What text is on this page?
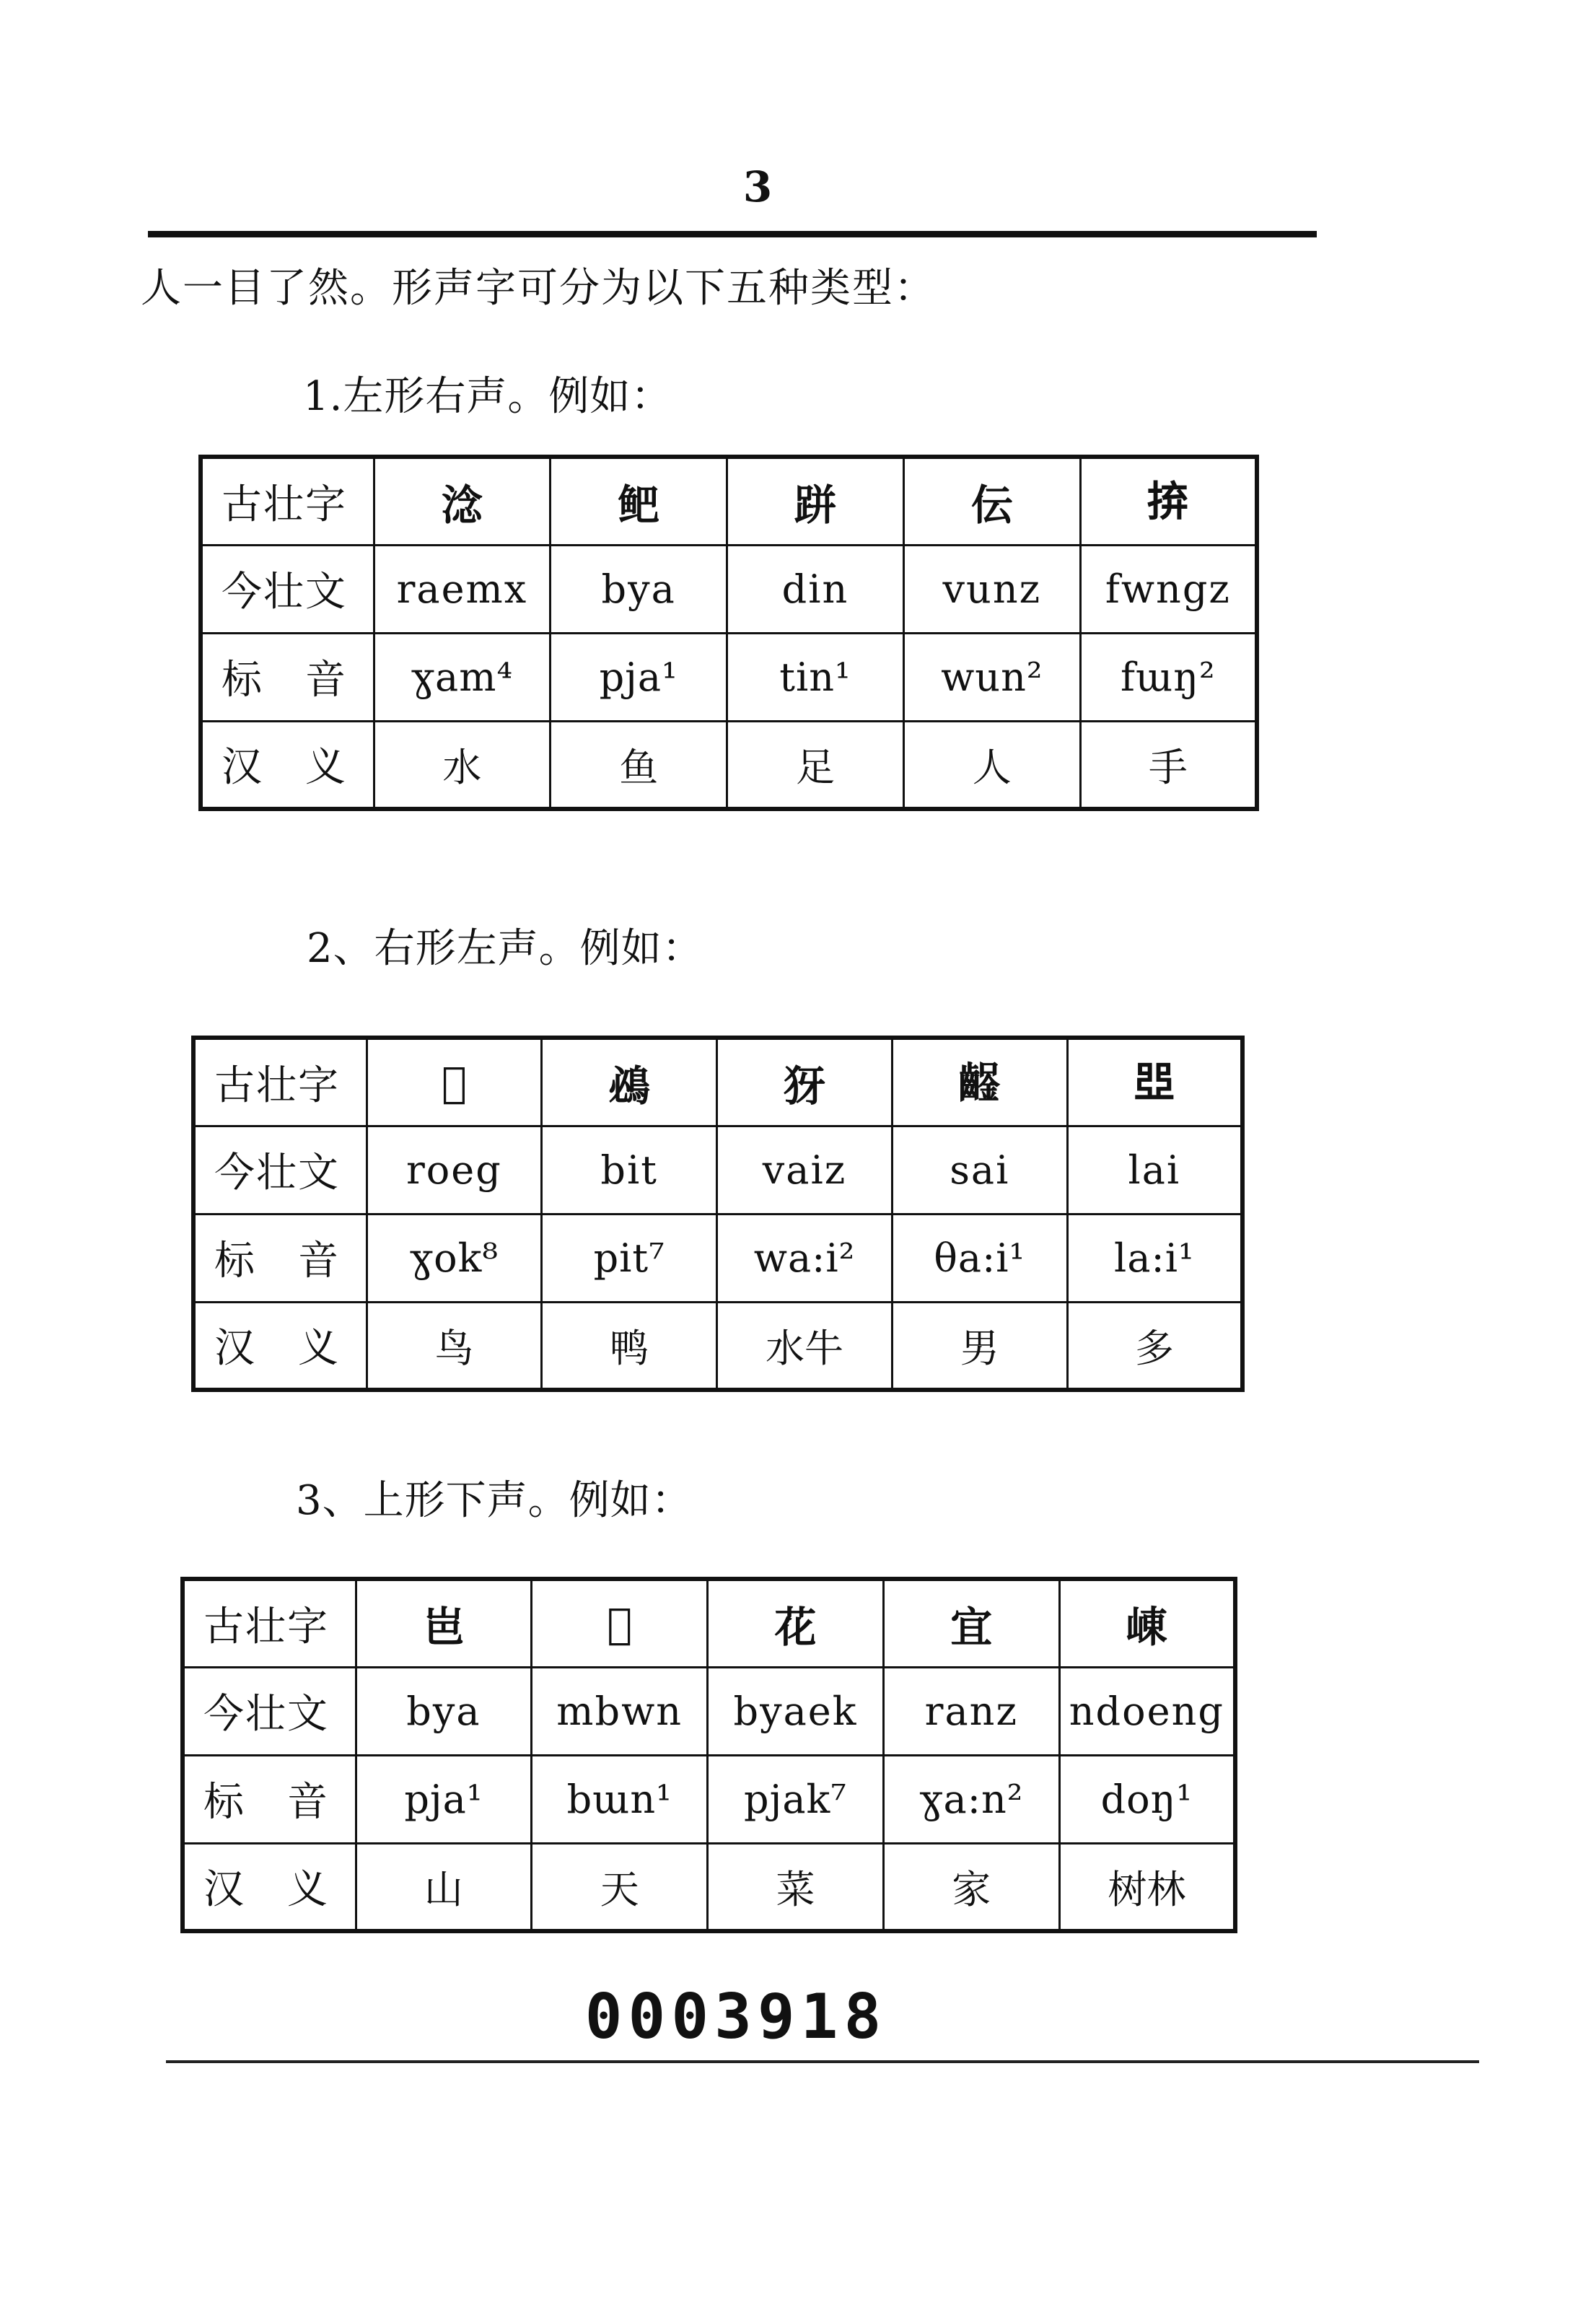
3
人一目了然。形声字可分为以下五种类型：
1.左形右声。例如：
古壮字	淰	鲃	跰	伝	𢬵
今壮文	raemx	bya	din	vunz	fwngz
标　音	ɣam⁴	pja¹	tin¹	wun²	fɯŋ²
汉　义	水	鱼	足	人	手
2、右形左声。例如：
古壮字	𫛢	鴓	犽	𨰒	𠁁
今壮文	roeg	bit	vaiz	sai	lai
标　音	ɣok⁸	pit⁷	wa:i²	θa:i¹	la:i¹
汉　义	鸟	鸭	水牛	男	多
3、上形下声。例如：
古壮字	岜	𥘺	花	宜	崠
今壮文	bya	mbwn	byaek	ranz	ndoeng
标　音	pja¹	bɯn¹	pjak⁷	ɣa:n²	doŋ¹
汉　义	山	天	菜	家	树林
0003918
